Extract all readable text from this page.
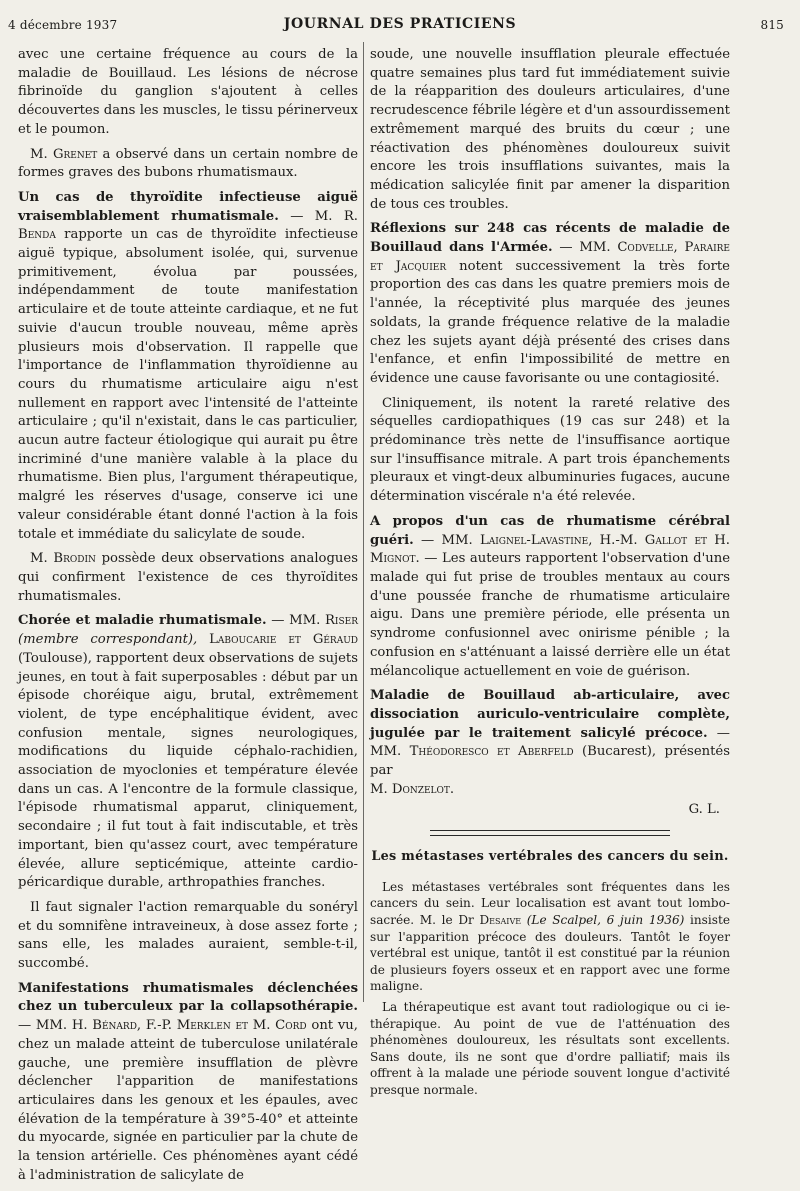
4 décembre 1937	JOURNAL DES PRATICIENS	815

avec une certaine fréquence au cours de la maladie de Bouillaud. Les lésions de nécrose fibrinoïde du ganglion s'ajoutent à celles découvertes dans les muscles, le tissu périnerveux et le poumon.

M. Grenet a observé dans un certain nombre de formes graves des bubons rhumatismaux.

Un cas de thyroïdite infectieuse aiguë vraisemblablement rhumatismale. — M. R. Benda rapporte un cas de thyroïdite infectieuse aiguë typique, absolument isolée, qui, survenue primitivement, évolua par poussées, indépendamment de toute manifestation articulaire et de toute atteinte cardiaque, et ne fut suivie d'aucun trouble nouveau, même après plusieurs mois d'observation. Il rappelle que l'importance de l'inflammation thyroïdienne au cours du rhumatisme articulaire aigu n'est nullement en rapport avec l'intensité de l'atteinte articulaire ; qu'il n'existait, dans le cas particulier, aucun autre facteur étiologique qui aurait pu être incriminé d'une manière valable à la place du rhumatisme. Bien plus, l'argument thérapeutique, malgré les réserves d'usage, conserve ici une valeur considérable étant donné l'action à la fois totale et immédiate du salicylate de soude.

M. Brodin possède deux observations analogues qui confirment l'existence de ces thyroïdites rhumatismales.

Chorée et maladie rhumatismale. — MM. Riser (membre correspondant), Laboucarie et Géraud (Toulouse), rapportent deux observations de sujets jeunes, en tout à fait superposables : début par un épisode choréique aigu, brutal, extrêmement violent, de type encéphalitique évident, avec confusion mentale, signes neurologiques, modifications du liquide céphalo-rachidien, association de myoclonies et température élevée dans un cas. A l'encontre de la formule classique, l'épisode rhumatismal apparut, cliniquement, secondaire ; il fut tout à fait indiscutable, et très important, bien qu'assez court, avec température élevée, allure septicémique, atteinte cardio-péricardique durable, arthropathies franches.

Il faut signaler l'action remarquable du sonéryl et du somnifène intraveineux, à dose assez forte ; sans elle, les malades auraient, semble-t-il, succombé.

Manifestations rhumatismales déclenchées chez un tuberculeux par la collapsothérapie. — MM. H. Bénard, F.-P. Merklen et M. Cord ont vu, chez un malade atteint de tuberculose unilatérale gauche, une première insufflation de plèvre déclencher l'apparition de manifestations articulaires dans les genoux et les épaules, avec élévation de la température à 39°5-40° et atteinte du myocarde, signée en particulier par la chute de la tension artérielle. Ces phénomènes ayant cédé à l'administration de salicylate de

soude, une nouvelle insufflation pleurale effectuée quatre semaines plus tard fut immédiatement suivie de la réapparition des douleurs articulaires, d'une recrudescence fébrile légère et d'un assourdissement extrêmement marqué des bruits du cœur ; une réactivation des phénomènes douloureux suivit encore les trois insufflations suivantes, mais la médication salicylée finit par amener la disparition de tous ces troubles.

Réflexions sur 248 cas récents de maladie de Bouillaud dans l'Armée. — MM. Codvelle, Paraire et Jacquier notent successivement la très forte proportion des cas dans les quatre premiers mois de l'année, la réceptivité plus marquée des jeunes soldats, la grande fréquence relative de la maladie chez les sujets ayant déjà présenté des crises dans l'enfance, et enfin l'impossibilité de mettre en évidence une cause favorisante ou une contagiosité.

Cliniquement, ils notent la rareté relative des séquelles cardiopathiques (19 cas sur 248) et la prédominance très nette de l'insuffisance aortique sur l'insuffisance mitrale. A part trois épanchements pleuraux et vingt-deux albuminuries fugaces, aucune détermination viscérale n'a été relevée.

A propos d'un cas de rhumatisme cérébral guéri. — MM. Laignel-Lavastine, H.-M. Gallot et H. Mignot. — Les auteurs rapportent l'observation d'une malade qui fut prise de troubles mentaux au cours d'une poussée franche de rhumatisme articulaire aigu. Dans une première période, elle présenta un syndrome confusionnel avec onirisme pénible ; la confusion en s'atténuant a laissé derrière elle un état mélancolique actuellement en voie de guérison.

Maladie de Bouillaud ab-articulaire, avec dissociation auriculo-ventriculaire complète, jugulée par le traitement salicylé précoce. — MM. Théodoresco et Aberfeld (Bucarest), présentés par

M. Donzelot.

G. L.

Les métastases vertébrales des cancers du sein.

Les métastases vertébrales sont fréquentes dans les cancers du sein. Leur localisation est avant tout lombo-sacrée. M. le Dr Desaive (Le Scalpel, 6 juin 1936) insiste sur l'apparition précoce des douleurs. Tantôt le foyer vertébral est unique, tantôt il est constitué par la réunion de plusieurs foyers osseux et en rapport avec une forme maligne.

La thérapeutique est avant tout radiologique ou ci ie-thérapique. Au point de vue de l'atténuation des phénomènes douloureux, les résultats sont excellents. Sans doute, ils ne sont que d'ordre palliatif; mais ils offrent à la malade une période souvent longue d'activité presque normale.
